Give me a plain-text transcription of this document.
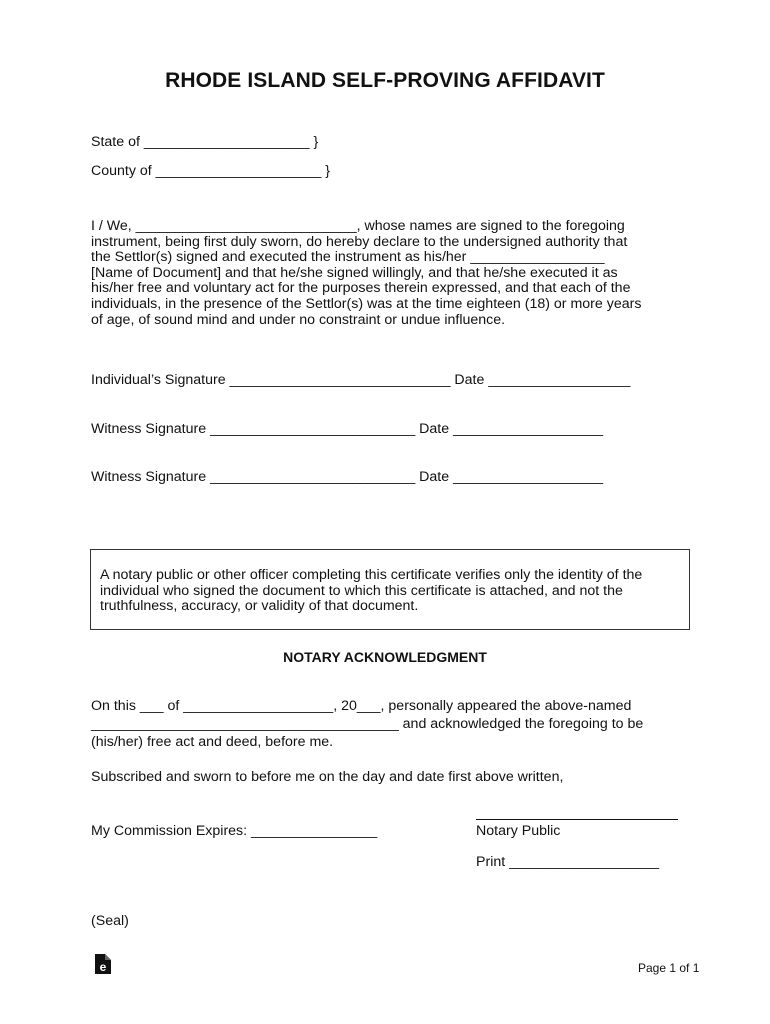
RHODE ISLAND SELF-PROVING AFFIDAVIT
State of _____________________ }
County of _____________________ }
I / We, ____________________________, whose names are signed to the foregoing
instrument, being first duly sworn, do hereby declare to the undersigned authority that
the Settlor(s) signed and executed the instrument as his/her _________________
[Name of Document] and that he/she signed willingly, and that he/she executed it as
his/her free and voluntary act for the purposes therein expressed, and that each of the
individuals, in the presence of the Settlor(s) was at the time eighteen (18) or more years
of age, of sound mind and under no constraint or undue influence.
Individual’s Signature ____________________________ Date __________________
Witness Signature __________________________ Date ___________________
Witness Signature __________________________ Date ___________________
A notary public or other officer completing this certificate verifies only the identity of the
individual who signed the document to which this certificate is attached, and not the
truthfulness, accuracy, or validity of that document.
NOTARY ACKNOWLEDGMENT
On this ___ of ___________________, 20___, personally appeared the above-named
_______________________________________ and acknowledged the foregoing to be
(his/her) free act and deed, before me.
Subscribed and sworn to before me on the day and date first above written,
My Commission Expires: ________________	Notary Public
Print ___________________
(Seal)
e	Page 1 of 1
